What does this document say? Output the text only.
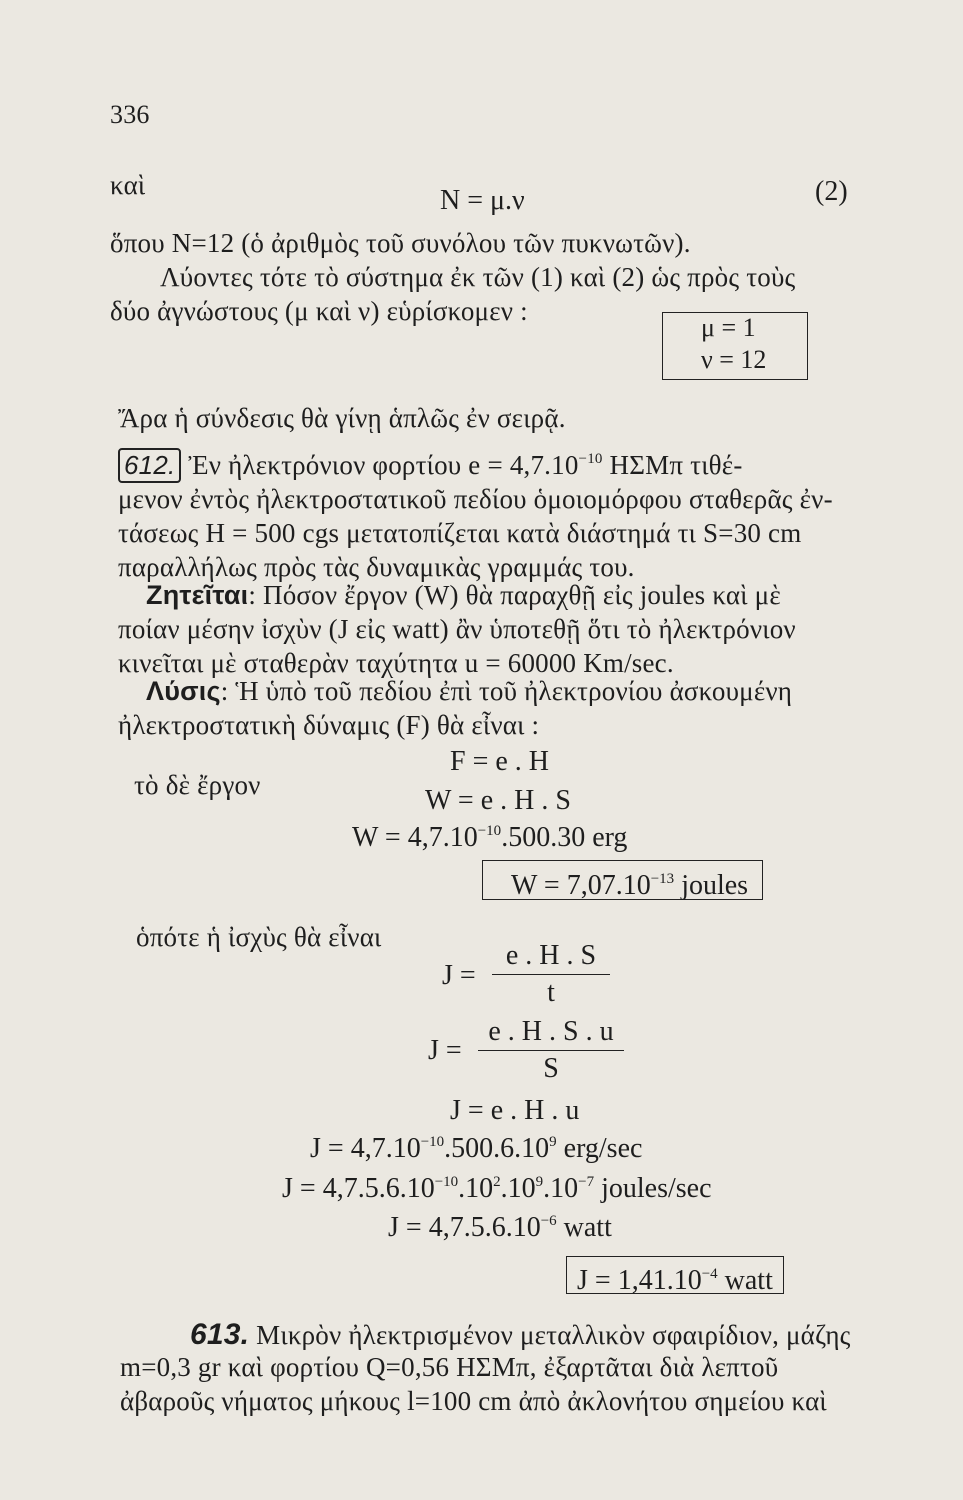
336
καὶ	N = μ.ν	(2)
ὅπου N=12 (ὁ ἀριθμὸς τοῦ συνόλου τῶν πυκνωτῶν).
Λύοντες τότε τὸ σύστημα ἐκ τῶν (1) καὶ (2) ὡς πρὸς τοὺς
δύο ἀγνώστους (μ καὶ ν) εὑρίσκομεν :
μ = 1
ν = 12
Ἄρα ἡ σύνδεσις θὰ γίνῃ ἁπλῶς ἐν σειρᾷ.
612. Ἐν ἠλεκτρόνιον φορτίου $e = 4,7.10^{-10}$ ΗΣΜπ τιθέ-
μενον ἐντὸς ἠλεκτροστατικοῦ πεδίου ὁμοιομόρφου σταθερᾶς ἐν-
τάσεως H = 500 cgs μετατοπίζεται κατὰ διάστημά τι S=30 cm
παραλλήλως πρὸς τὰς δυναμικὰς γραμμάς του.
Ζητεῖται: Πόσον ἔργον (W) θὰ παραχθῇ εἰς joules καὶ μὲ
ποίαν μέσην ἰσχὺν (J εἰς watt) ἂν ὑποτεθῇ ὅτι τὸ ἠλεκτρόνιον
κινεῖται μὲ σταθερὰν ταχύτητα u = 60000 Km/sec.
Λύσις: Ἡ ὑπὸ τοῦ πεδίου ἐπὶ τοῦ ἠλεκτρονίου ἀσκουμένη
ἠλεκτροστατικὴ δύναμις (F) θὰ εἶναι :
F = e . H
τὸ δὲ ἔργον	W = e . H . S
$W = 4,7.10^{-10}.500.30$ erg
$W = 7,07.10^{-13}$ joules
ὁπότε ἡ ἰσχὺς θὰ εἶναι
J =
e . H . S
t
J =
e . H . S . u
S
J = e . H . u
$J = 4,7.10^{-10}.500.6.10^9$ erg/sec
$J = 4,7.5.6.10^{-10}.10^2.10^9.10^{-7}$ joules/sec
$J = 4,7.5.6.10^{-6}$ watt
$J = 1,41.10^{-4}$ watt
613. Μικρὸν ἠλεκτρισμένον μεταλλικὸν σφαιρίδιον, μάζης
m=0,3 gr καὶ φορτίου Q=0,56 ΗΣΜπ, ἐξαρτᾶται διὰ λεπτοῦ
ἀβαροῦς νήματος μήκους l=100 cm ἀπὸ ἀκλονήτου σημείου καὶ
